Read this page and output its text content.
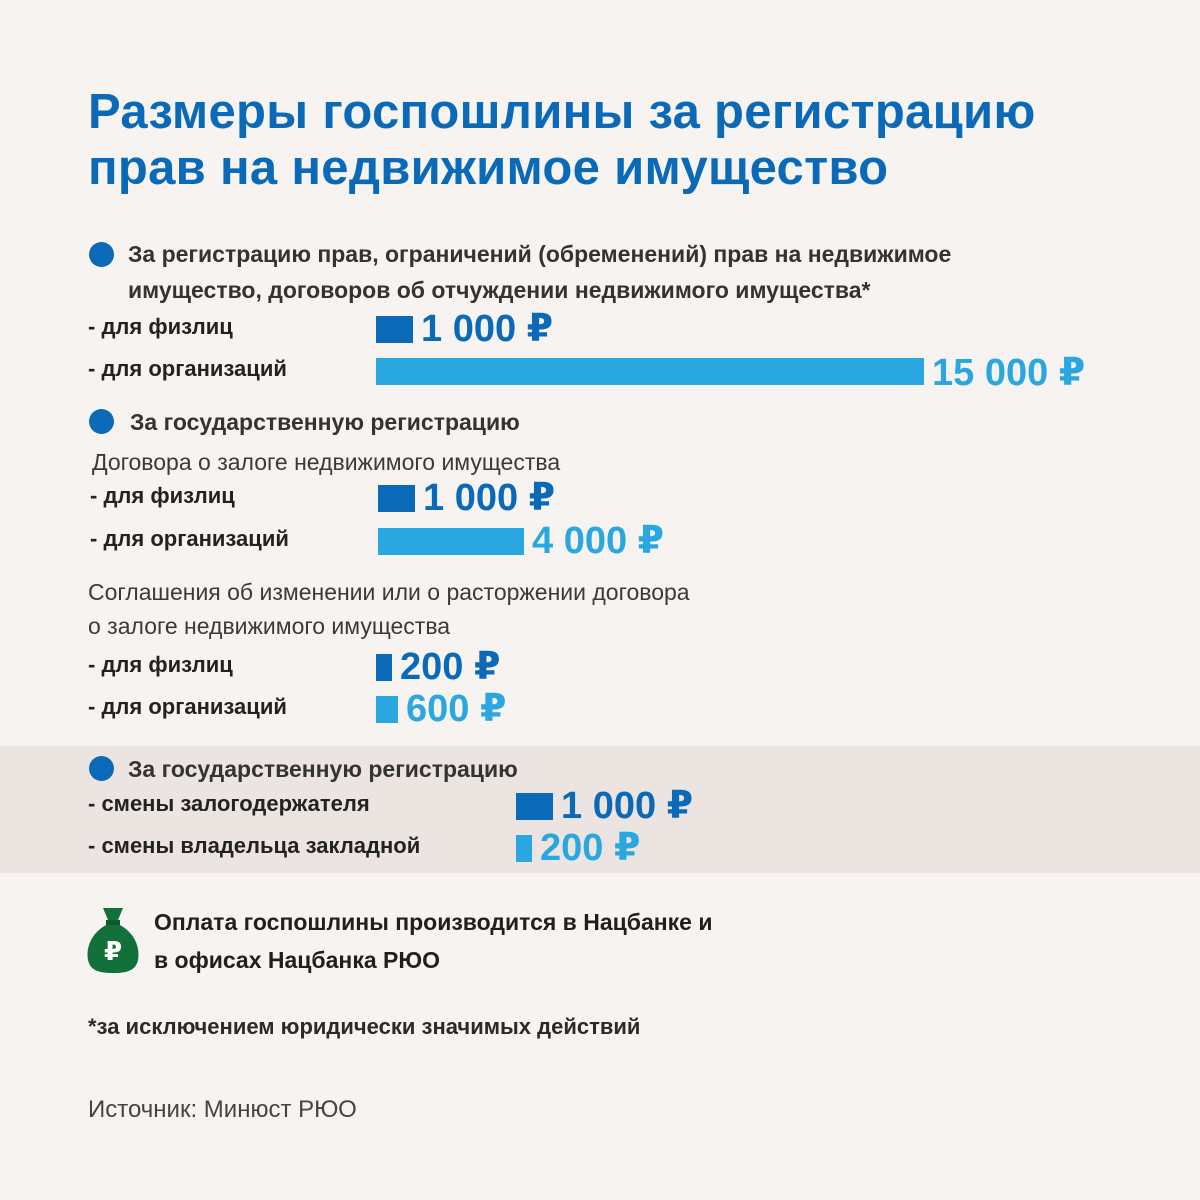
Размеры госпошлины за регистрацию
прав на недвижимое имущество
За регистрацию прав, ограничений (обременений) прав на недвижимое
имущество, договоров об отчуждении недвижимого имущества*
За государственную регистрацию
Договора о залоге недвижимого имущества
Соглашения об изменении или о расторжении договора
о залоге недвижимого имущества
За государственную регистрацию
- для физлиц	1 000 ₽
- для организаций	15 000 ₽
- для физлиц	1 000 ₽
- для организаций	4 000 ₽
- для физлиц	200 ₽
- для организаций	600 ₽
- смены залогодержателя	1 000 ₽
- смены владельца закладной	200 ₽
₽
Оплата госпошлины производится в Нацбанке и
в офисах Нацбанка РЮО
*за исключением юридически значимых действий
Источник: Минюст РЮО
